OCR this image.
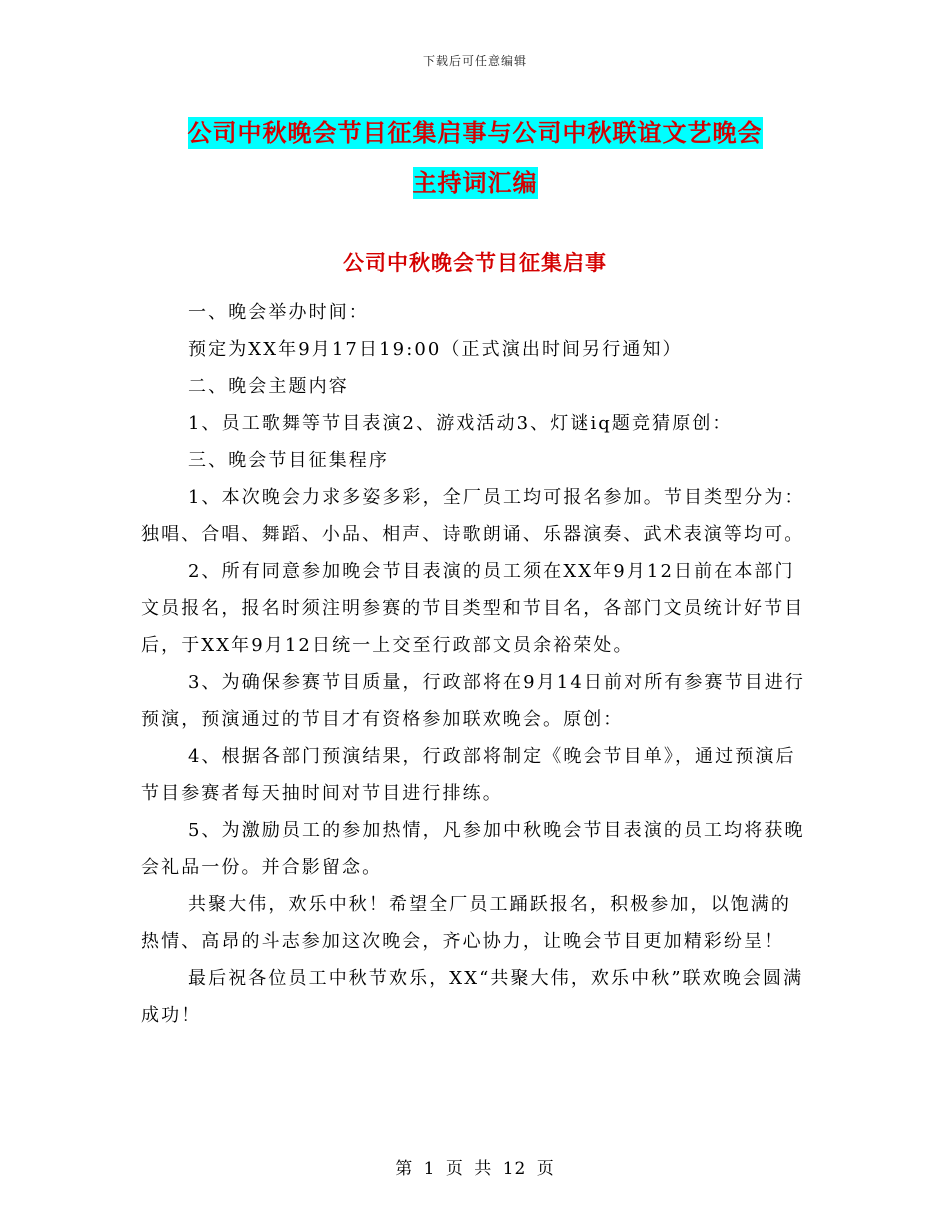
下载后可任意编辑
公司中秋晚会节目征集启事与公司中秋联谊文艺晚会
主持词汇编
公司中秋晚会节目征集启事

一、晚会举办时间：

预定为XX年9月17日19:00（正式演出时间另行通知）

二、晚会主题内容

1、员工歌舞等节目表演2、游戏活动3、灯谜iq题竞猜原创：

三、晚会节目征集程序

1、本次晚会力求多姿多彩，全厂员工均可报名参加。节目类型分为：独唱、合唱、舞蹈、小品、相声、诗歌朗诵、乐器演奏、武术表演等均可。

2、所有同意参加晚会节目表演的员工须在XX年9月12日前在本部门文员报名，报名时须注明参赛的节目类型和节目名，各部门文员统计好节目后，于XX年9月12日统一上交至行政部文员余裕荣处。

3、为确保参赛节目质量，行政部将在9月14日前对所有参赛节目进行预演，预演通过的节目才有资格参加联欢晚会。原创：

4、根据各部门预演结果，行政部将制定《晚会节目单》，通过预演后节目参赛者每天抽时间对节目进行排练。

5、为激励员工的参加热情，凡参加中秋晚会节目表演的员工均将获晚会礼品一份。并合影留念。

共聚大伟，欢乐中秋！希望全厂员工踊跃报名，积极参加，以饱满的热情、高昂的斗志参加这次晚会，齐心协力，让晚会节目更加精彩纷呈！

最后祝各位员工中秋节欢乐，XX“共聚大伟，欢乐中秋”联欢晚会圆满成功！

第 1 页 共 12 页
